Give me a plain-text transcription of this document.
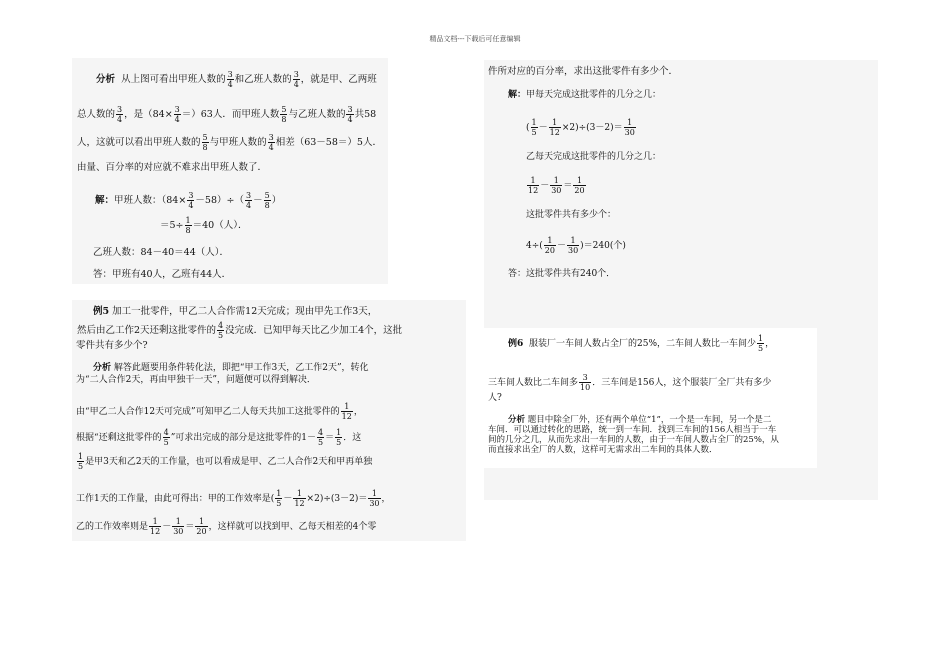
精品文档---下载后可任意编辑
分析 从上图可看出甲班人数的 $\frac{3}{4}$ 和乙班人数的 $\frac{3}{4}$ ，就是甲、乙两班
总人数的 $\frac{3}{4}$ ，是$(84\times \frac{3}{4} =)63$人．而甲班人数 $\frac{5}{8}$ 与乙班人数的 $\frac{3}{4}$ 共58
人，这就可以看出甲班人数的 $\frac{5}{8}$ 与甲班人数的 $\frac{3}{4}$ 相差（63－58＝）5人．
由量、百分率的对应就不难求出甲班人数了．
解：甲班人数：$(84\times \frac{3}{4} -58)\div( \frac{3}{4} - \frac{5}{8}$ ）
$=5\div \frac{1}{8} =40$（人）．
乙班人数：84－40＝44（人）．
答：甲班有40人，乙班有44人．
例5 加工一批零件，甲乙二人合作需12天完成；现由甲先工作3天，
然后由乙工作2天还剩这批零件的 $\frac{4}{5}$ 没完成．已知甲每天比乙少加工4个，这批
零件共有多少个?
分析 解答此题要用条件转化法，即把“甲工作3天，乙工作2天”，转化
为“二人合作2天，再由甲独干一天”，问题便可以得到解决．
由“甲乙二人合作12天可完成”可知甲乙二人每天共加工这批零件的 $\frac{1}{12}$ ，
根据“还剩这批零件的 $\frac{4}{5}$ ”可求出完成的部分是这批零件的$1- \frac{4}{5} = \frac{1}{5}$ ．这
$\frac{1}{5}$ 是甲3天和乙2天的工作量，也可以看成是甲、乙二人合作2天和甲再单独
工作1天的工作量，由此可得出：甲的工作效率是( $\frac{1}{5} - \frac{1}{12} \times 2)\div(3-2)= \frac{1}{30}$ ，
乙的工作效率则是 $\frac{1}{12} - \frac{1}{30} = \frac{1}{20}$ ，这样就可以找到甲、乙每天相差的4个零
件所对应的百分率，求出这批零件有多少个．
解：甲每天完成这批零件的几分之几：
( $\frac{1}{5} - \frac{1}{12} \times 2)\div(3-2)= \frac{1}{30}$
乙每天完成这批零件的几分之几：
$\frac{1}{12} - \frac{1}{30} = \frac{1}{20}$
这批零件共有多少个：
$4\div( \frac{1}{20} - \frac{1}{30} )=240$(个)
答：这批零件共有240个．
例6 服装厂一车间人数占全厂的25%，二车间人数比一车间少 $\frac{1}{5}$ ，
三车间人数比二车间多 $\frac{3}{10}$ ．三车间是156人，这个服装厂全厂共有多少
人?
分析 题目中除全厂外，还有两个单位“1”，一个是一车间，另一个是二
车间．可以通过转化的思路，统一到一车间．找到三车间的156人相当于一车
间的几分之几，从而先求出一车间的人数，由于一车间人数占全厂的25%，从
而直接求出全厂的人数，这样可无需求出二车间的具体人数．
